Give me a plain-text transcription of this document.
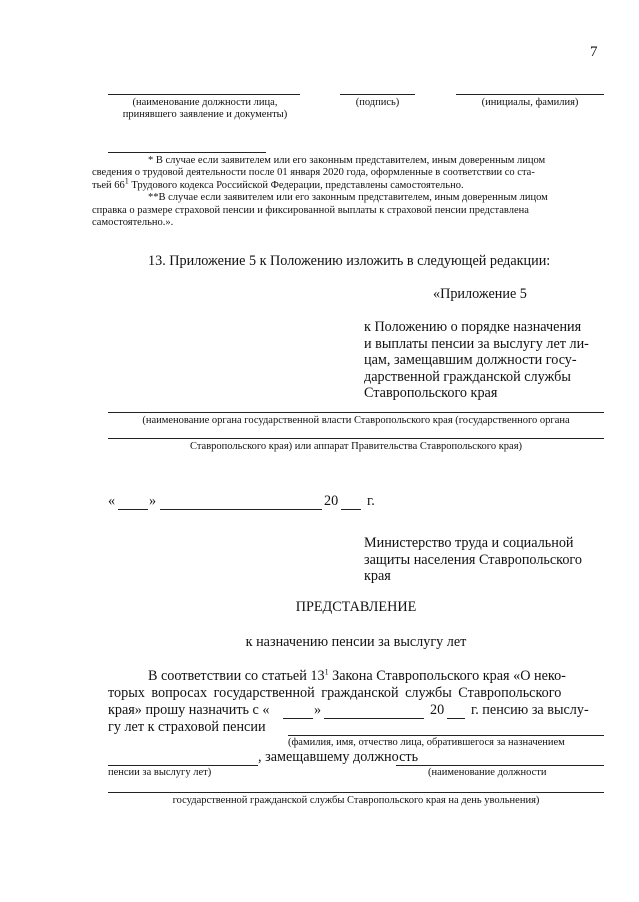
7
(наименование должности лица,
принявшего заявление и документы)
(подпись)	(инициалы, фамилия)
* В случае если заявителем или его законным представителем, иным доверенным лицом
сведения о трудовой деятельности после 01 января 2020 года, оформленные в соответствии со ста-
тьей $66^1$ Трудового кодекса Российской Федерации, представлены самостоятельно.
**В случае если заявителем или его законным представителем, иным доверенным лицом
справка о размере страховой пенсии и фиксированной выплаты к страховой пенсии представлена
самостоятельно.».
13. Приложение 5 к Положению изложить в следующей редакции:
«Приложение 5
к Положению о порядке назначения
и выплаты пенсии за выслугу лет ли-
цам, замещавшим должности госу-
дарственной гражданской службы
Ставропольского края
(наименование органа государственной власти Ставропольского края (государственного органа
Ставропольского края) или аппарат Правительства Ставропольского края)
« »	20 г.
Министерство труда и социальной
защиты населения Ставропольского
края
ПРЕДСТАВЛЕНИЕ
к назначению пенсии за выслугу лет
В соответствии со статьей $13^1$ Закона Ставропольского края «О неко-
торых вопросах государственной гражданской службы Ставропольского
края» прошу назначить с «	»	20 г. пенсию за выслу-
гу лет к страховой пенсии
(фамилия, имя, отчество лица, обратившегося за назначением
, замещавшему должность
пенсии за выслугу лет)	(наименование должности
государственной гражданской службы Ставропольского края на день увольнения)
